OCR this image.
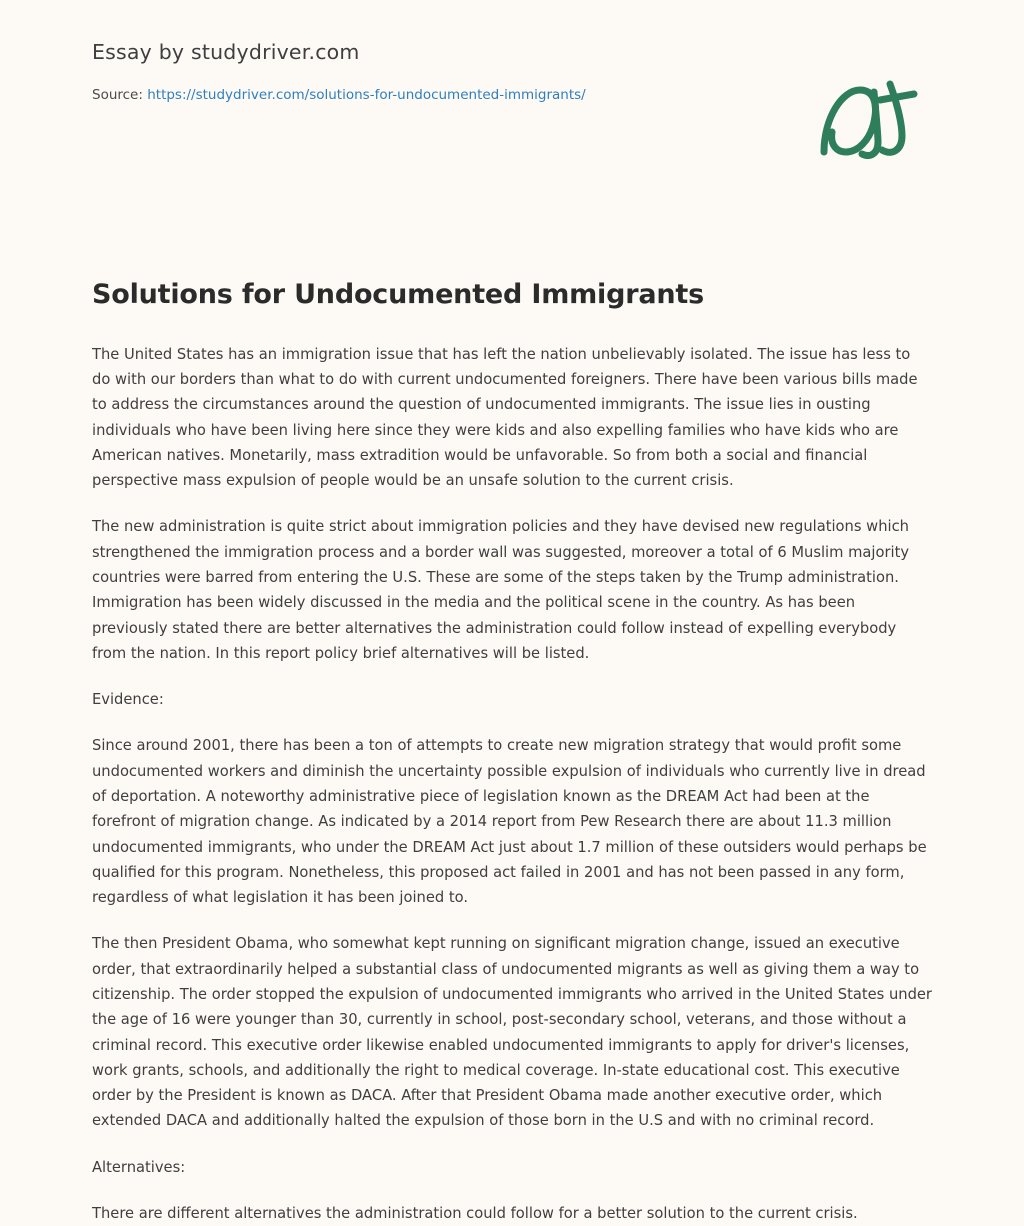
Essay by studydriver.com
Source: https://studydriver.com/solutions-for-undocumented-immigrants/
Solutions for Undocumented Immigrants

The United States has an immigration issue that has left the nation unbelievably isolated. The issue has less to do with our borders than what to do with current undocumented foreigners. There have been various bills made to address the circumstances around the question of undocumented immigrants. The issue lies in ousting individuals who have been living here since they were kids and also expelling families who have kids who are American natives. Monetarily, mass extradition would be unfavorable. So from both a social and financial perspective mass expulsion of people would be an unsafe solution to the current crisis.

The new administration is quite strict about immigration policies and they have devised new regulations which strengthened the immigration process and a border wall was suggested, moreover a total of 6 Muslim majority countries were barred from entering the U.S. These are some of the steps taken by the Trump administration. Immigration has been widely discussed in the media and the political scene in the country. As has been previously stated there are better alternatives the administration could follow instead of expelling everybody from the nation. In this report policy brief alternatives will be listed.

Evidence:

Since around 2001, there has been a ton of attempts to create new migration strategy that would profit some undocumented workers and diminish the uncertainty possible expulsion of individuals who currently live in dread of deportation. A noteworthy administrative piece of legislation known as the DREAM Act had been at the forefront of migration change. As indicated by a 2014 report from Pew Research there are about 11.3 million undocumented immigrants, who under the DREAM Act just about 1.7 million of these outsiders would perhaps be qualified for this program. Nonetheless, this proposed act failed in 2001 and has not been passed in any form, regardless of what legislation it has been joined to.

The then President Obama, who somewhat kept running on significant migration change, issued an executive order, that extraordinarily helped a substantial class of undocumented migrants as well as giving them a way to citizenship. The order stopped the expulsion of undocumented immigrants who arrived in the United States under the age of 16 were younger than 30, currently in school, post-secondary school, veterans, and those without a criminal record. This executive order likewise enabled undocumented immigrants to apply for driver's licenses, work grants, schools, and additionally the right to medical coverage. In-state educational cost. This executive order by the President is known as DACA. After that President Obama made another executive order, which extended DACA and additionally halted the expulsion of those born in the U.S and with no criminal record.

Alternatives:

There are different alternatives the administration could follow for a better solution to the current crisis.
